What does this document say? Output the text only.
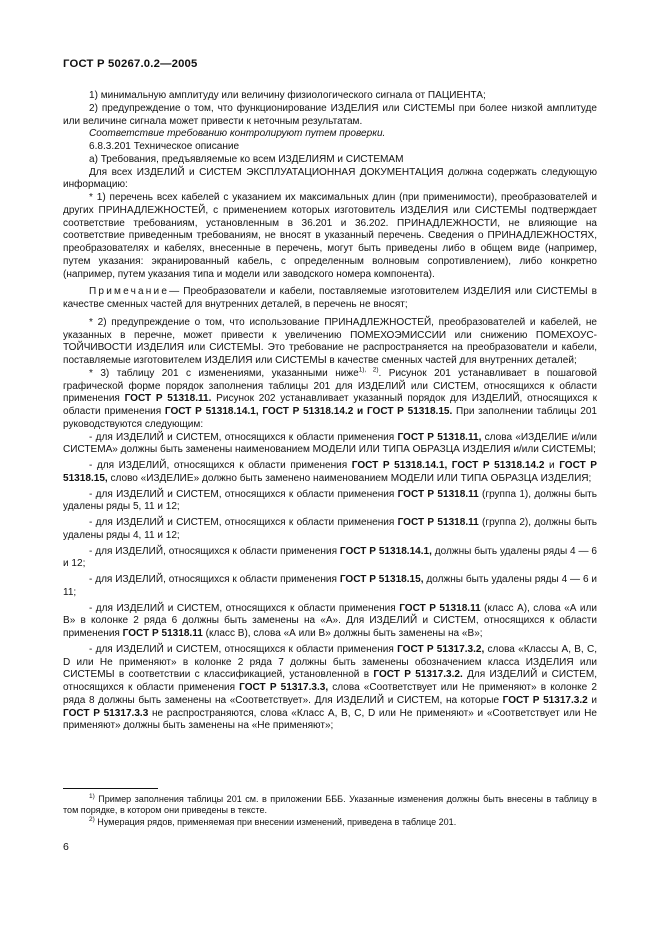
ГОСТ Р 50267.0.2—2005

1) минимальную амплитуду или величину физиологического сигнала от ПАЦИЕНТА;

2) предупреждение о том, что функционирование ИЗДЕЛИЯ или СИСТЕМЫ при более низкой амплитуде или величине сигнала может привести к неточным результатам.

Соответствие требованию контролируют путем проверки.

6.8.3.201 Техническое описание

а) Требования, предъявляемые ко всем ИЗДЕЛИЯМ и СИСТЕМАМ

Для всех ИЗДЕЛИЙ и СИСТЕМ ЭКСПЛУАТАЦИОННАЯ ДОКУМЕНТАЦИЯ должна содержать следующую информацию:

* 1) перечень всех кабелей с указанием их максимальных длин (при применимости), преобразователей и других ПРИНАДЛЕЖНОСТЕЙ, с применением которых изготовитель ИЗДЕЛИЯ или СИСТЕМЫ подтверждает соответствие требованиям, установленным в 36.201 и 36.202. ПРИНАДЛЕЖНОСТИ, не влияющие на соответствие приведенным требованиям, не вносят в указанный перечень. Сведения о ПРИНАДЛЕЖНОСТЯХ, преобразователях и кабелях, внесенные в перечень, могут быть приведены либо в общем виде (например, путем указания: экранированный кабель, с определенным волновым сопротивлением), либо конкретно (например, путем указания типа и модели или заводского номера компонента).

Примечание— Преобразователи и кабели, поставляемые изготовителем ИЗДЕЛИЯ или СИСТЕМЫ в качестве сменных частей для внутренних деталей, в перечень не вносят;

* 2) предупреждение о том, что использование ПРИНАДЛЕЖНОСТЕЙ, преобразователей и кабелей, не указанных в перечне, может привести к увеличению ПОМЕХОЭМИССИИ или снижению ПОМЕХОУСТОЙЧИВОСТИ ИЗДЕЛИЯ или СИСТЕМЫ. Это требование не распространяется на преобразователи и кабели, поставляемые изготовителем ИЗДЕЛИЯ или СИСТЕМЫ в качестве сменных частей для внутренних деталей;

* 3) таблицу 201 с изменениями, указанными ниже$^{1), 2)}$. Рисунок 201 устанавливает в пошаговой графической форме порядок заполнения таблицы 201 для ИЗДЕЛИЙ или СИСТЕМ, относящихся к области применения ГОСТ Р 51318.11. Рисунок 202 устанавливает указанный порядок для ИЗДЕЛИЙ, относящихся к области применения ГОСТ Р 51318.14.1, ГОСТ Р 51318.14.2 и ГОСТ Р 51318.15. При заполнении таблицы 201 руководствуются следующим:

- для ИЗДЕЛИЙ и СИСТЕМ, относящихся к области применения ГОСТ Р 51318.11, слова «ИЗДЕЛИЕ и/или СИСТЕМА» должны быть заменены наименованием МОДЕЛИ ИЛИ ТИПА ОБРАЗЦА ИЗДЕЛИЯ и/или СИСТЕМЫ;

- для ИЗДЕЛИЙ, относящихся к области применения ГОСТ Р 51318.14.1, ГОСТ Р 51318.14.2 и ГОСТ Р 51318.15, слово «ИЗДЕЛИЕ» должно быть заменено наименованием МОДЕЛИ ИЛИ ТИПА ОБРАЗЦА ИЗДЕЛИЯ;

- для ИЗДЕЛИЙ и СИСТЕМ, относящихся к области применения ГОСТ Р 51318.11 (группа 1), должны быть удалены ряды 5, 11 и 12;

- для ИЗДЕЛИЙ и СИСТЕМ, относящихся к области применения ГОСТ Р 51318.11 (группа 2), должны быть удалены ряды 4, 11 и 12;

- для ИЗДЕЛИЙ, относящихся к области применения ГОСТ Р 51318.14.1, должны быть удалены ряды 4 — 6 и 12;

- для ИЗДЕЛИЙ, относящихся к области применения ГОСТ Р 51318.15, должны быть удалены ряды 4 — 6 и 11;

- для ИЗДЕЛИЙ и СИСТЕМ, относящихся к области применения ГОСТ Р 51318.11 (класс А), слова «А или В» в колонке 2 ряда 6 должны быть заменены на «А». Для ИЗДЕЛИЙ и СИСТЕМ, относящихся к области применения ГОСТ Р 51318.11 (класс В), слова «А или В» должны быть заменены на «В»;

- для ИЗДЕЛИЙ и СИСТЕМ, относящихся к области применения ГОСТ Р 51317.3.2, слова «Классы А, В, С, D или Не применяют» в колонке 2 ряда 7 должны быть заменены обозначением класса ИЗДЕЛИЯ или СИСТЕМЫ в соответствии с классификацией, установленной в ГОСТ Р 51317.3.2. Для ИЗДЕЛИЙ и СИСТЕМ, относящихся к области применения ГОСТ Р 51317.3.3, слова «Соответствует или Не применяют» в колонке 2 ряда 8 должны быть заменены на «Соответствует». Для ИЗДЕЛИЙ и СИСТЕМ, на которые ГОСТ Р 51317.3.2 и ГОСТ Р 51317.3.3 не распространяются, слова «Класс А, В, С, D или Не применяют» и «Соответствует или Не применяют» должны быть заменены на «Не применяют»;

$^{1)}$ Пример заполнения таблицы 201 см. в приложении БББ. Указанные изменения должны быть внесены в таблицу в том порядке, в котором они приведены в тексте.

$^{2)}$ Нумерация рядов, применяемая при внесении изменений, приведена в таблице 201.

6
